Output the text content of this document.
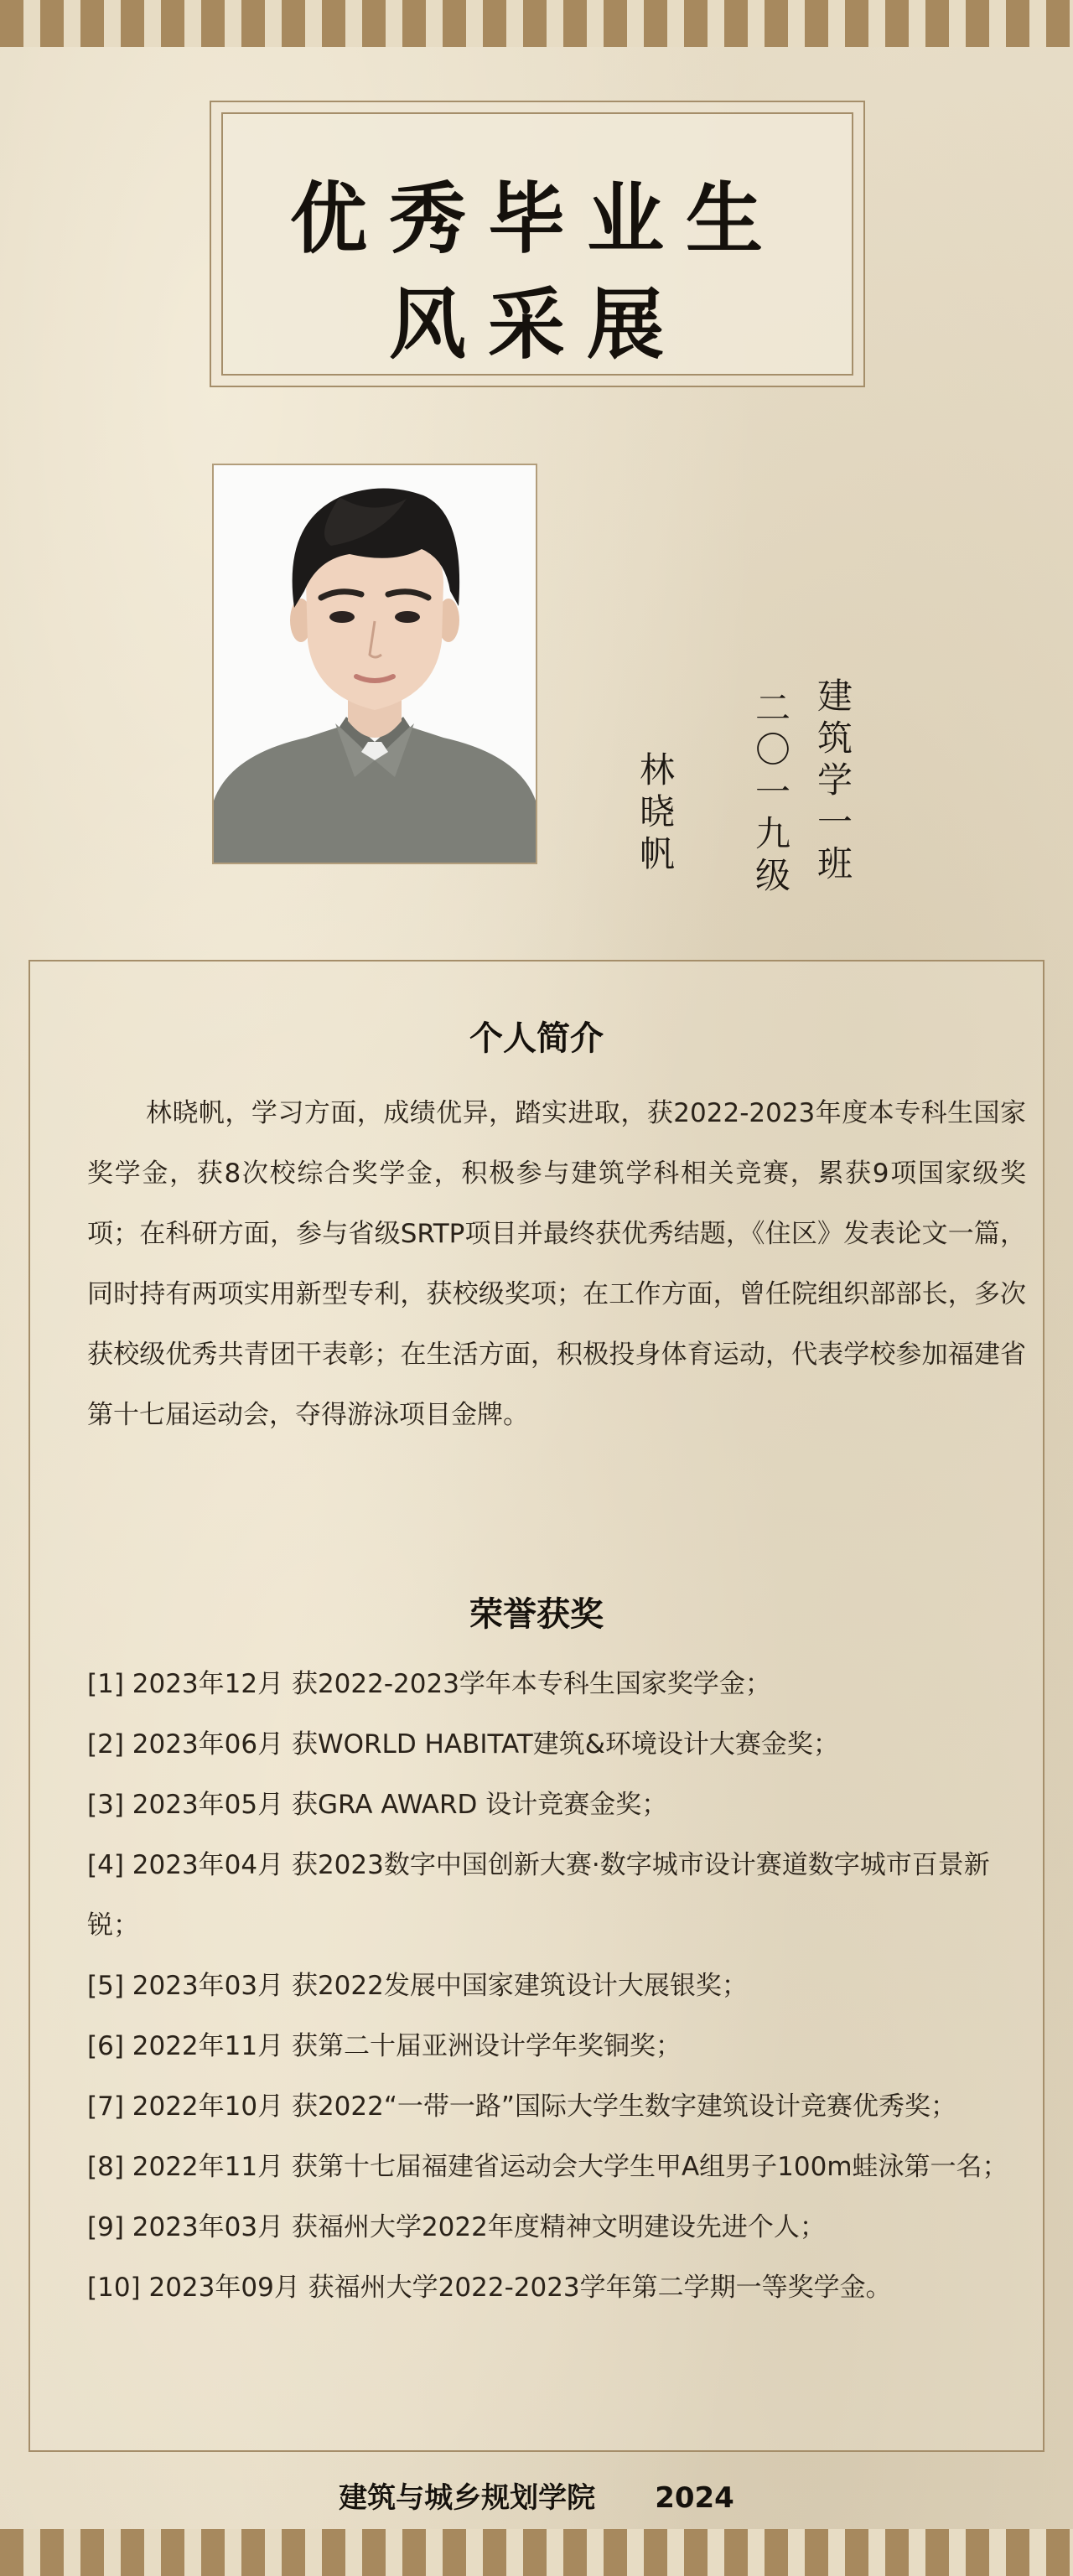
优秀毕业生
风采展
建筑学一班
二〇一九级
林晓帆
个人简介
林晓帆，学习方面，成绩优异，踏实进取，获2022-2023年度本专科生国家奖学金，获8次校综合奖学金，积极参与建筑学科相关竞赛，累获9项国家级奖项；在科研方面，参与省级SRTP项目并最终获优秀结题，《住区》发表论文一篇，同时持有两项实用新型专利，获校级奖项；在工作方面，曾任院组织部部长，多次获校级优秀共青团干表彰；在生活方面，积极投身体育运动，代表学校参加福建省第十七届运动会，夺得游泳项目金牌。
荣誉获奖
[1] 2023年12月 获2022-2023学年本专科生国家奖学金；
[2] 2023年06月 获WORLD HABITAT建筑&环境设计大赛金奖；
[3] 2023年05月 获GRA AWARD 设计竞赛金奖；
[4] 2023年04月 获2023数字中国创新大赛·数字城市设计赛道数字城市百景新锐；
[5] 2023年03月 获2022发展中国家建筑设计大展银奖；
[6] 2022年11月 获第二十届亚洲设计学年奖铜奖；
[7] 2022年10月 获2022“一带一路”国际大学生数字建筑设计竞赛优秀奖；
[8] 2022年11月 获第十七届福建省运动会大学生甲A组男子100m蛙泳第一名；
[9] 2023年03月 获福州大学2022年度精神文明建设先进个人；
[10] 2023年09月 获福州大学2022-2023学年第二学期一等奖学金。
建筑与城乡规划学院 2024
